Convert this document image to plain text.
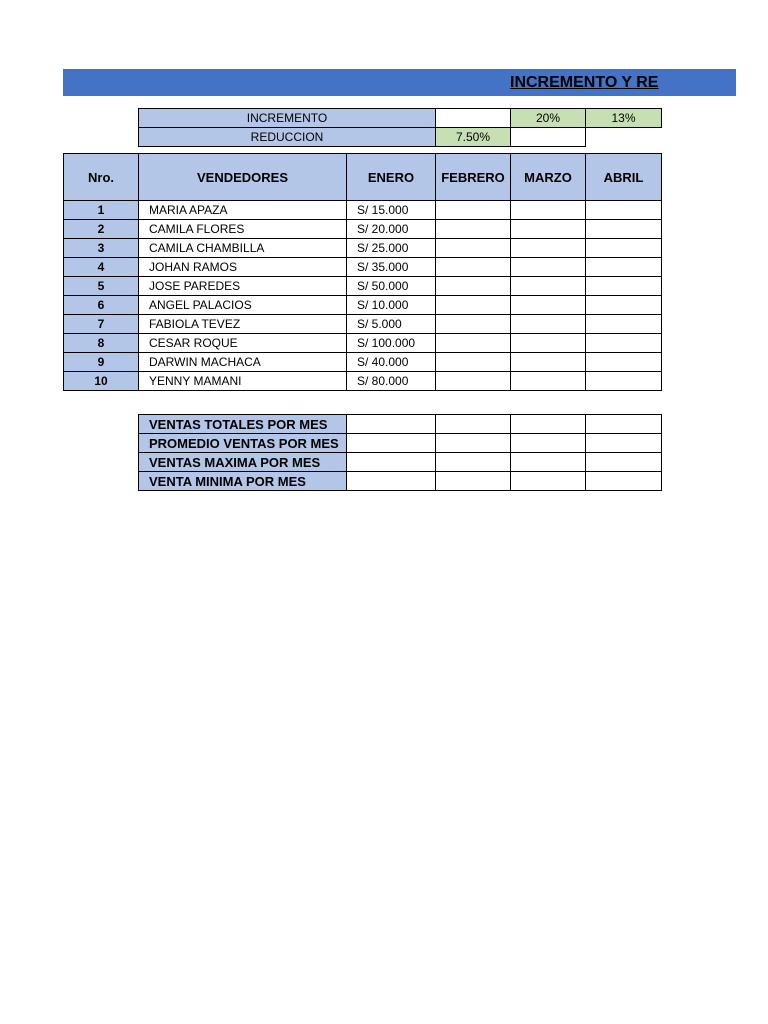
INCREMENTO Y RE
INCREMENTO		20%	13%
REDUCCION	7.50%		
Nro.	VENDEDORES	ENERO	FEBRERO	MARZO	ABRIL
1	MARIA APAZA	S/ 15.000			
2	CAMILA FLORES	S/ 20.000			
3	CAMILA CHAMBILLA	S/ 25.000			
4	JOHAN RAMOS	S/ 35.000			
5	JOSE PAREDES	S/ 50.000			
6	ANGEL PALACIOS	S/ 10.000			
7	FABIOLA TEVEZ	S/ 5.000			
8	CESAR ROQUE	S/ 100.000			
9	DARWIN MACHACA	S/ 40.000			
10	YENNY MAMANI	S/ 80.000			
VENTAS TOTALES POR MES				
PROMEDIO VENTAS POR MES				
VENTAS MAXIMA POR MES				
VENTA MINIMA POR MES				
